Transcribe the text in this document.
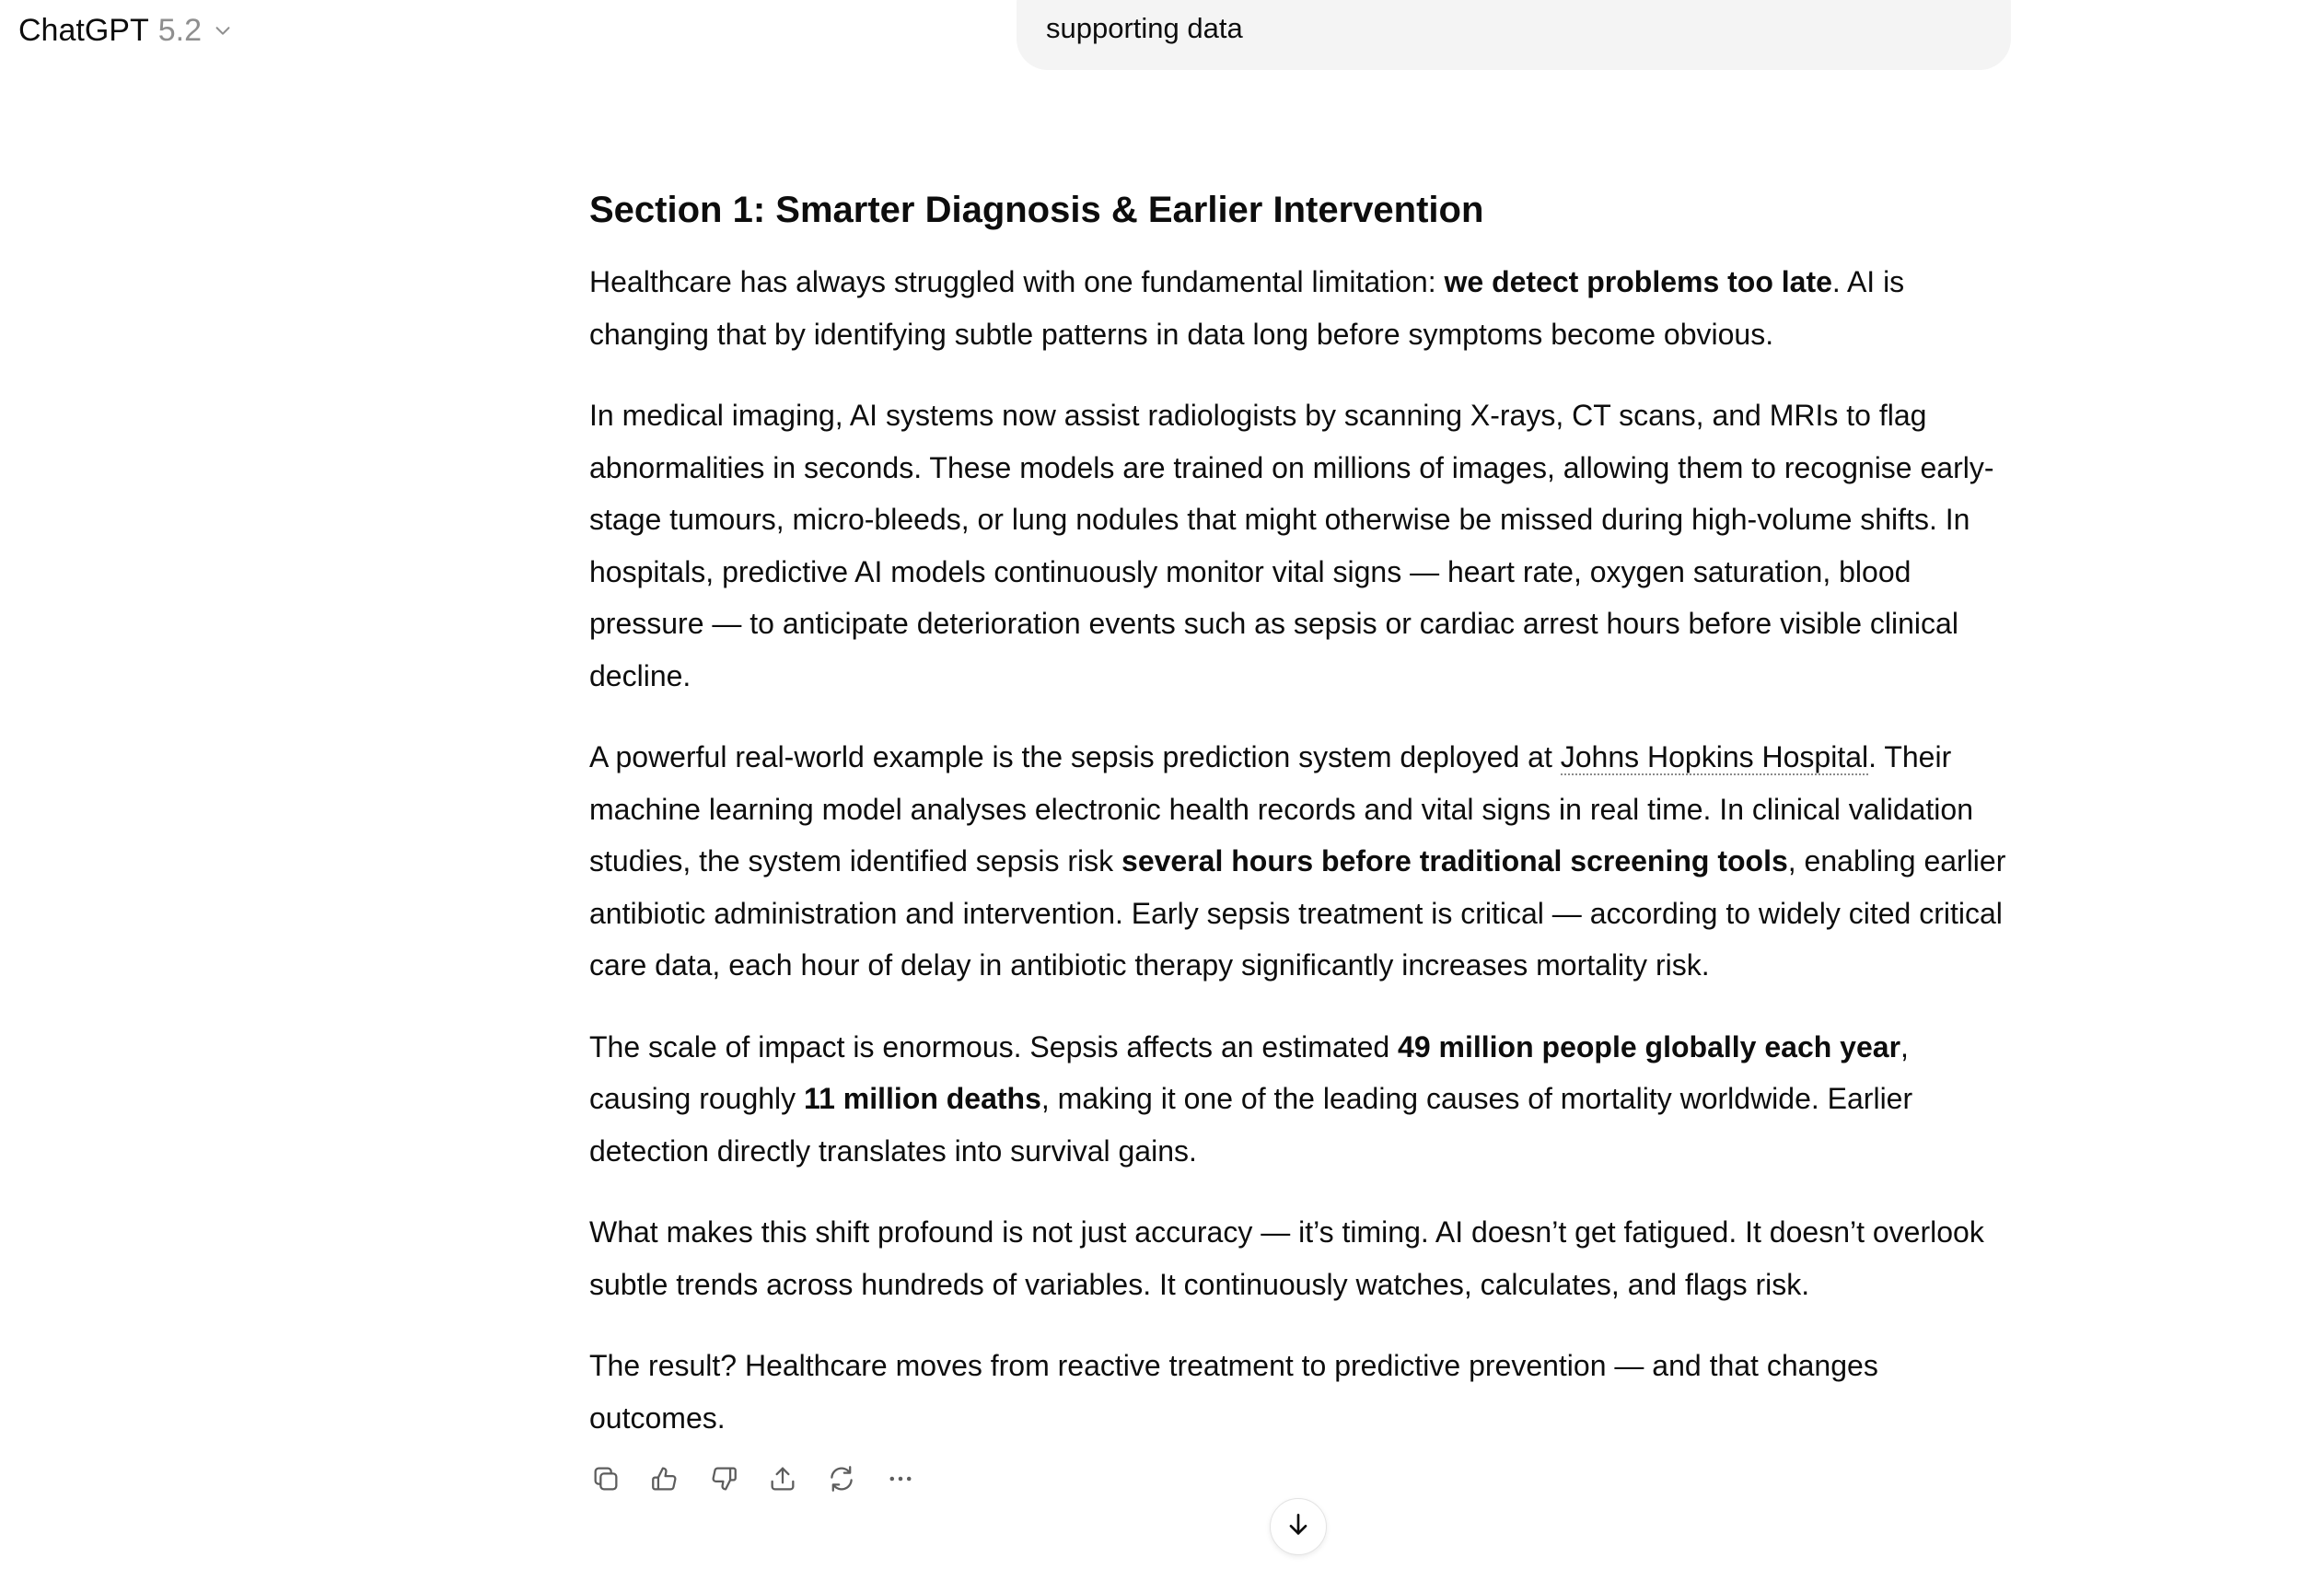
ChatGPT 5.2	supporting data
Section 1: Smarter Diagnosis & Earlier Intervention

Healthcare has always struggled with one fundamental limitation: we detect problems too late. AI is changing that by identifying subtle patterns in data long before symptoms become obvious.

In medical imaging, AI systems now assist radiologists by scanning X-rays, CT scans, and MRIs to flag abnormalities in seconds. These models are trained on millions of images, allowing them to recognise early-stage tumours, micro-bleeds, or lung nodules that might otherwise be missed during high-volume shifts. In hospitals, predictive AI models continuously monitor vital signs — heart rate, oxygen saturation, blood pressure — to anticipate deterioration events such as sepsis or cardiac arrest hours before visible clinical decline.

A powerful real-world example is the sepsis prediction system deployed at Johns Hopkins Hospital. Their machine learning model analyses electronic health records and vital signs in real time. In clinical validation studies, the system identified sepsis risk several hours before traditional screening tools, enabling earlier antibiotic administration and intervention. Early sepsis treatment is critical — according to widely cited critical care data, each hour of delay in antibiotic therapy significantly increases mortality risk.

The scale of impact is enormous. Sepsis affects an estimated 49 million people globally each year, causing roughly 11 million deaths, making it one of the leading causes of mortality worldwide. Earlier detection directly translates into survival gains.

What makes this shift profound is not just accuracy — it’s timing. AI doesn’t get fatigued. It doesn’t overlook subtle trends across hundreds of variables. It continuously watches, calculates, and flags risk.

The result? Healthcare moves from reactive treatment to predictive prevention — and that changes outcomes.
